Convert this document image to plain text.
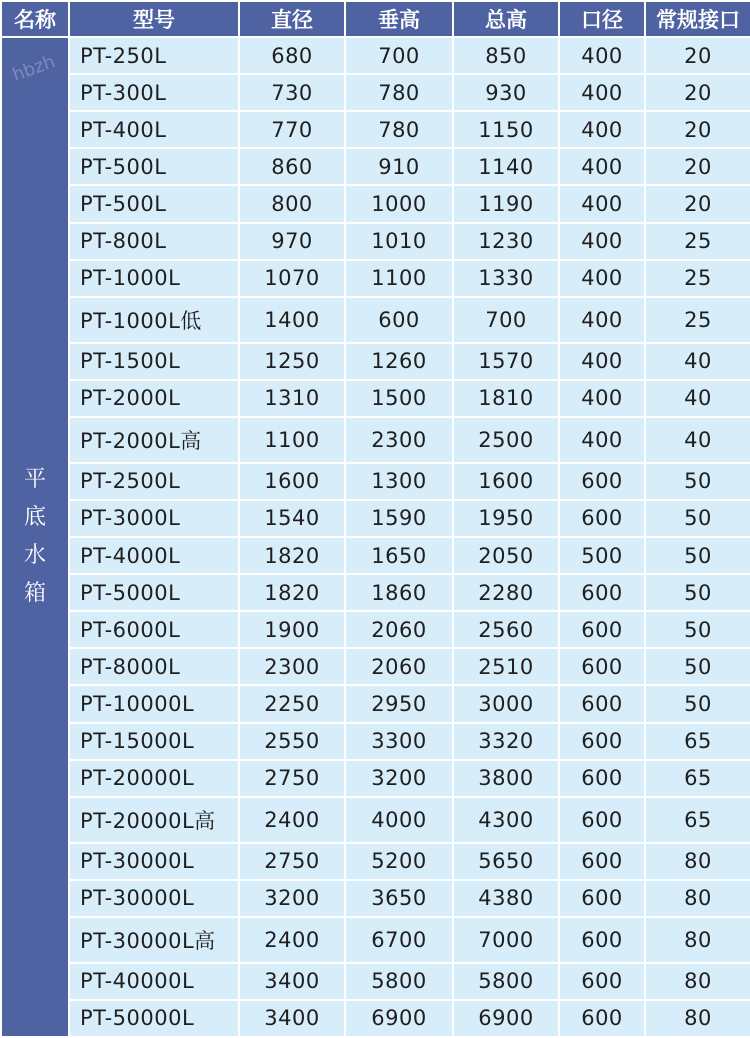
名称	型号	直径	垂高	总高	口径	常规接口

平
底
水
箱	PT-250L	680	700	850	400	20
	PT-300L	730	780	930	400	20
	PT-400L	770	780	1150	400	20
	PT-500L	860	910	1140	400	20
	PT-500L	800	1000	1190	400	20
	PT-800L	970	1010	1230	400	25
	PT-1000L	1070	1100	1330	400	25
	PT-1000L低	1400	600	700	400	25
	PT-1500L	1250	1260	1570	400	40
	PT-2000L	1310	1500	1810	400	40
	PT-2000L高	1100	2300	2500	400	40
	PT-2500L	1600	1300	1600	600	50
	PT-3000L	1540	1590	1950	600	50
	PT-4000L	1820	1650	2050	500	50
	PT-5000L	1820	1860	2280	600	50
	PT-6000L	1900	2060	2560	600	50
	PT-8000L	2300	2060	2510	600	50
	PT-10000L	2250	2950	3000	600	50
	PT-15000L	2550	3300	3320	600	65
	PT-20000L	2750	3200	3800	600	65
	PT-20000L高	2400	4000	4300	600	65
	PT-30000L	2750	5200	5650	600	80
	PT-30000L	3200	3650	4380	600	80
	PT-30000L高	2400	6700	7000	600	80
	PT-40000L	3400	5800	5800	600	80
	PT-50000L	3400	6900	6900	600	80
hbzh
